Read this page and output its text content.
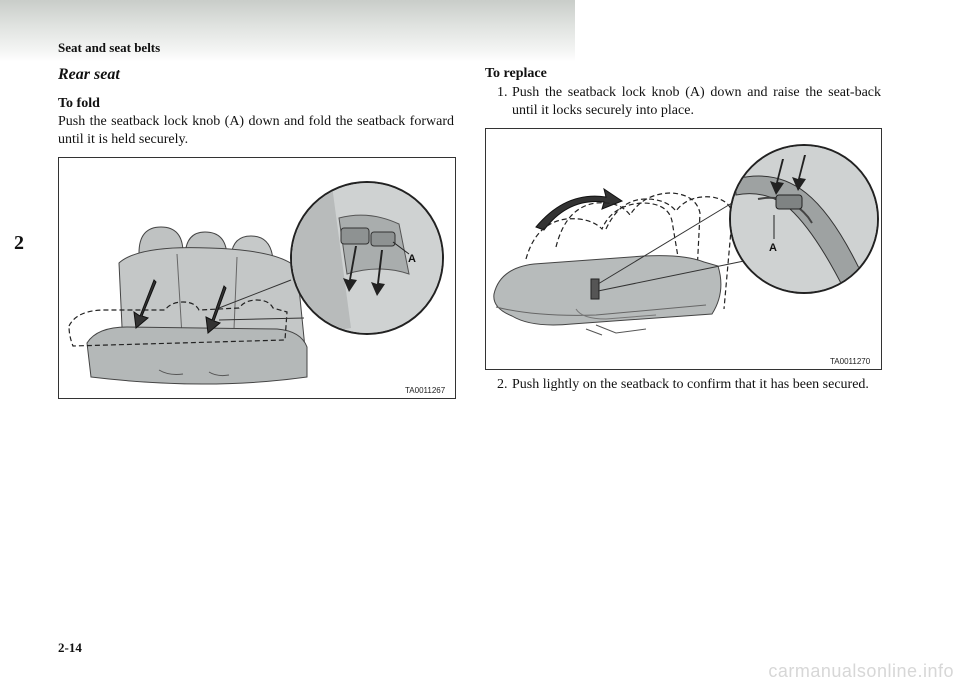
Seat and seat belts
2
Rear seat
To fold
Push the seatback lock knob (A) down and fold the seatback forward until it is held securely.
A
TA0011267
To replace
1. Push the seatback lock knob (A) down and raise the seat-back until it locks securely into place.
A
TA0011270
2. Push lightly on the seatback to confirm that it has been secured.
2-14
carmanualsonline.info
